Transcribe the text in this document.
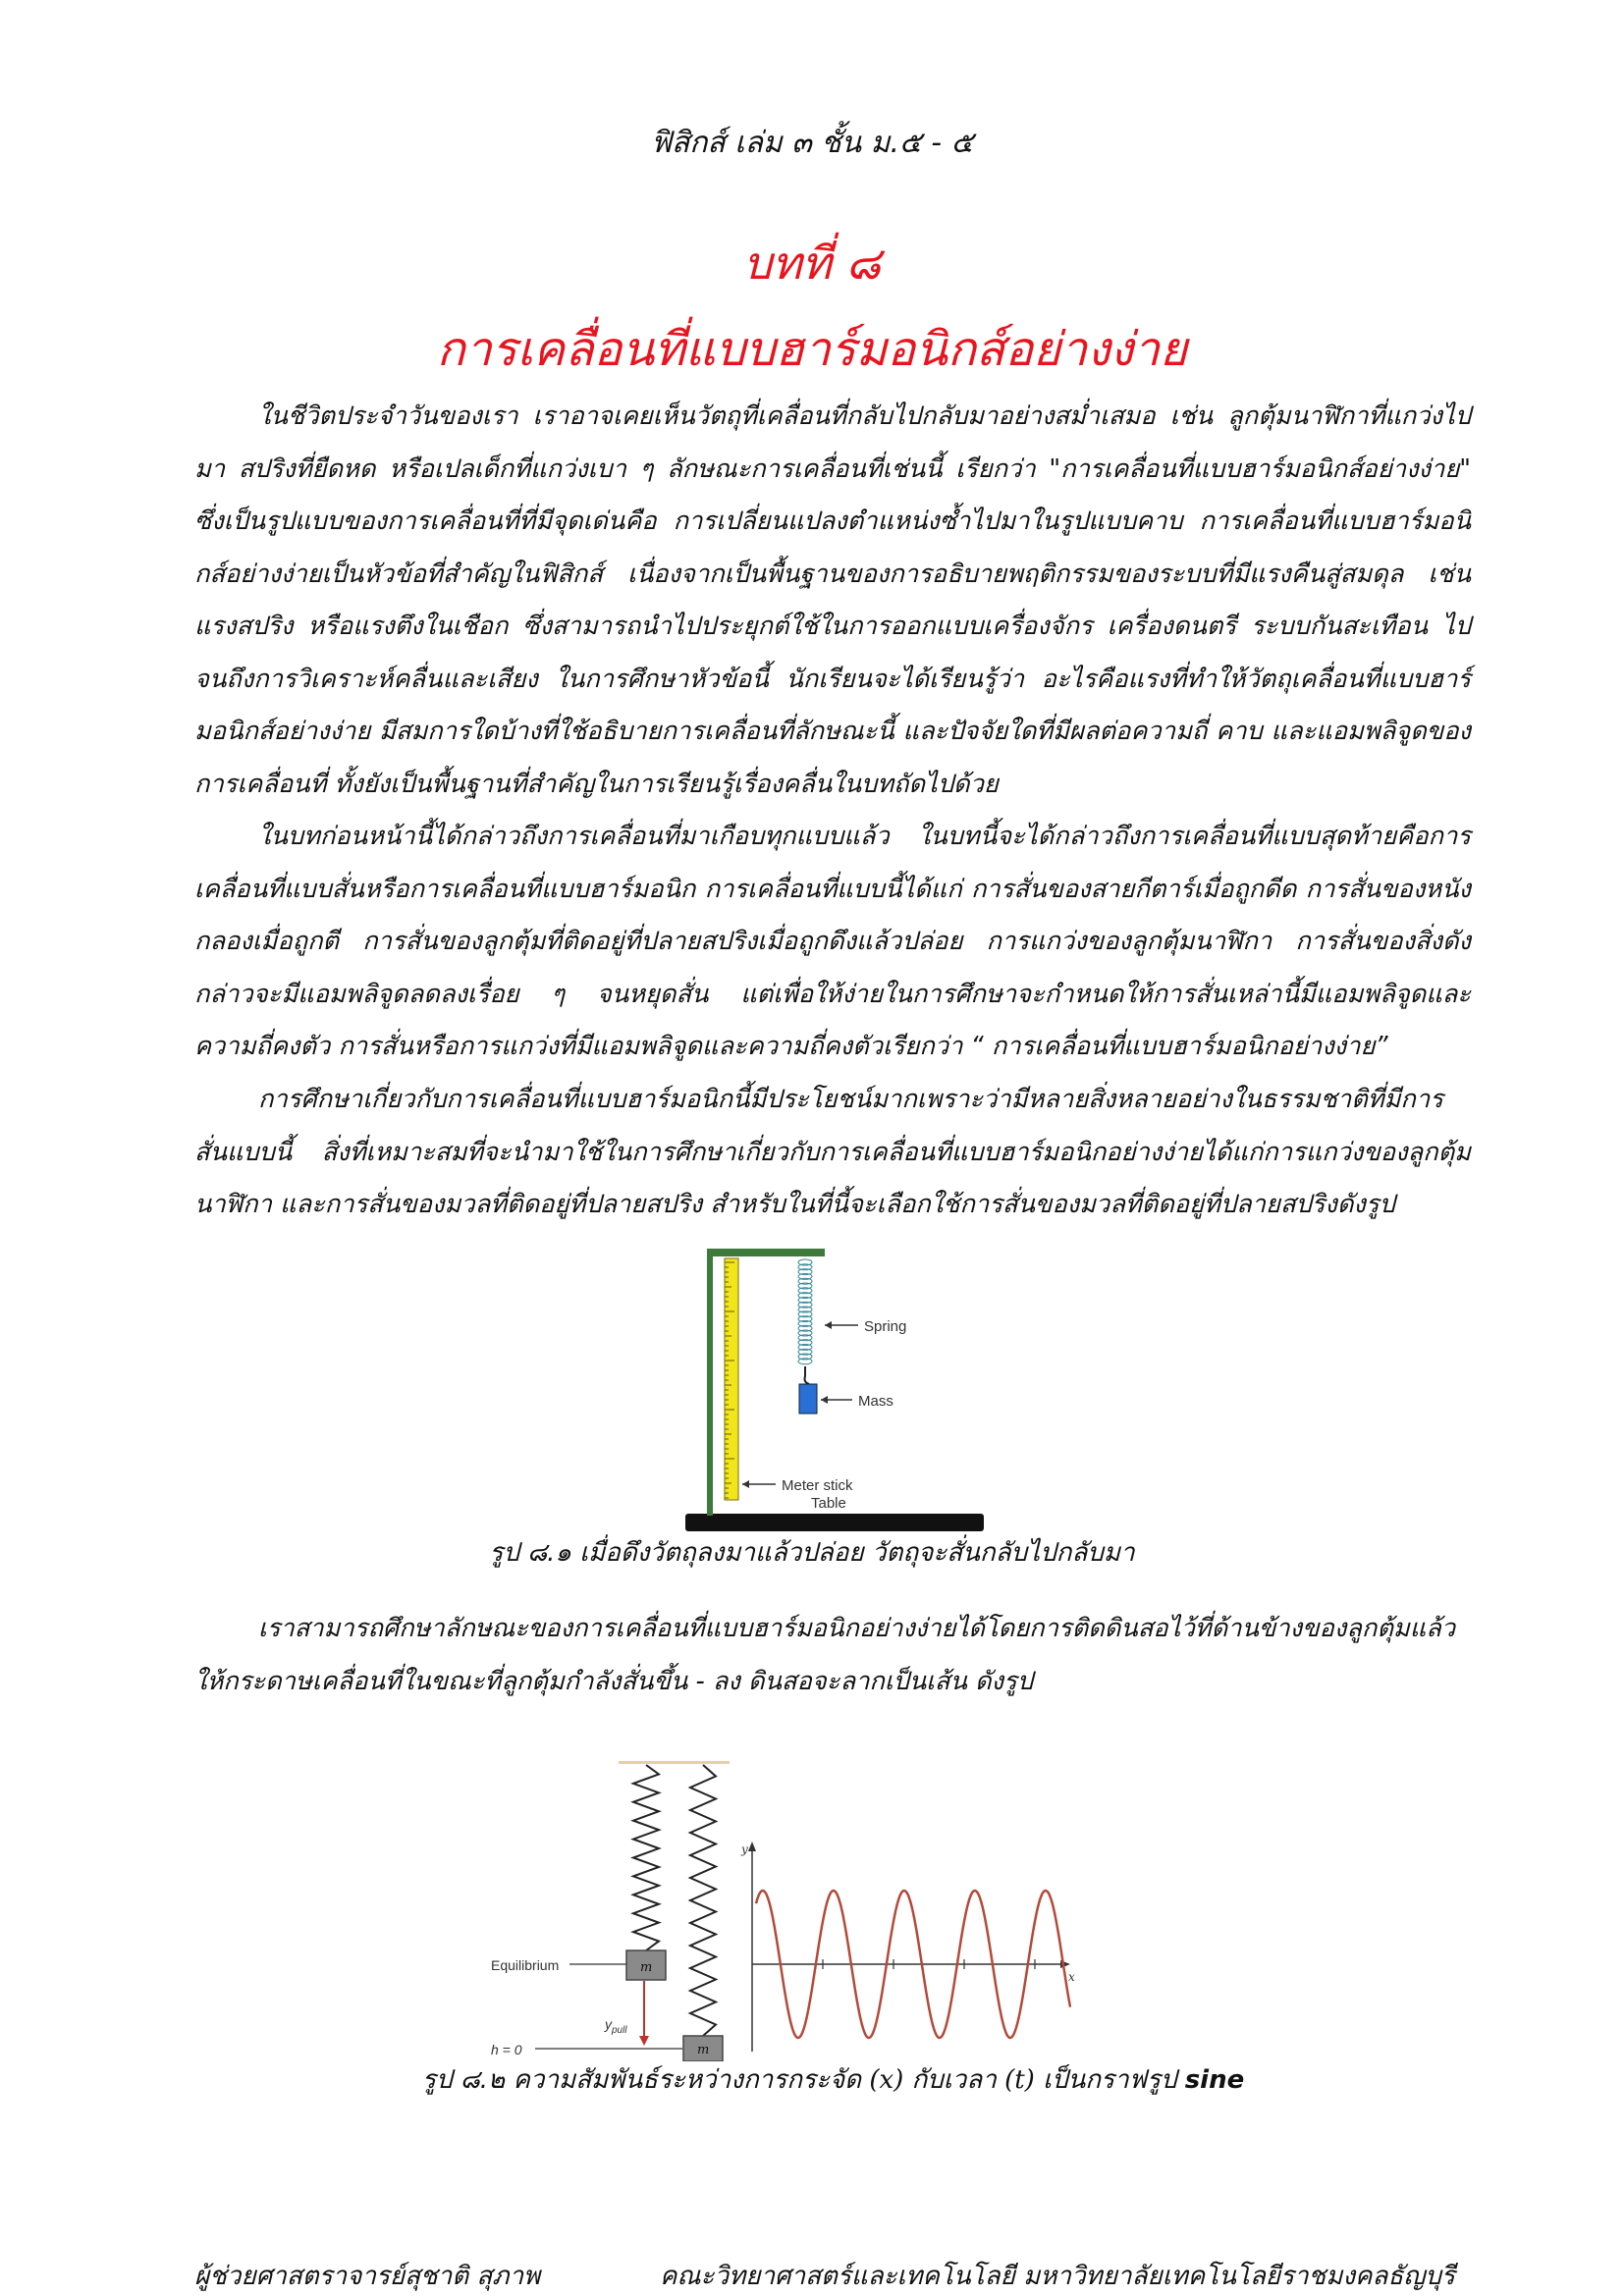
ฟิสิกส์ เล่ม ๓ ชั้น ม.๕ - ๕
บทที่ ๘
การเคลื่อนที่แบบฮาร์มอนิกส์อย่างง่าย

ในชีวิตประจำวันของเรา เราอาจเคยเห็นวัตถุที่เคลื่อนที่กลับไปกลับมาอย่างสม่ำเสมอ เช่น ลูกตุ้มนาฬิกาที่แกว่งไปมา สปริงที่ยืดหด หรือเปลเด็กที่แกว่งเบา ๆ ลักษณะการเคลื่อนที่เช่นนี้ เรียกว่า "การเคลื่อนที่แบบฮาร์มอนิกส์อย่างง่าย" ซึ่งเป็นรูปแบบของการเคลื่อนที่ที่มีจุดเด่นคือ การเปลี่ยนแปลงตำแหน่งซ้ำไปมาในรูปแบบคาบ การเคลื่อนที่แบบฮาร์มอนิกส์อย่างง่ายเป็นหัวข้อที่สำคัญในฟิสิกส์ เนื่องจากเป็นพื้นฐานของการอธิบายพฤติกรรมของระบบที่มีแรงคืนสู่สมดุล เช่น แรงสปริง หรือแรงตึงในเชือก ซึ่งสามารถนำไปประยุกต์ใช้ในการออกแบบเครื่องจักร เครื่องดนตรี ระบบกันสะเทือน ไปจนถึงการวิเคราะห์คลื่นและเสียง ในการศึกษาหัวข้อนี้ นักเรียนจะได้เรียนรู้ว่า อะไรคือแรงที่ทำให้วัตถุเคลื่อนที่แบบฮาร์มอนิกส์อย่างง่าย มีสมการใดบ้างที่ใช้อธิบายการเคลื่อนที่ลักษณะนี้ และปัจจัยใดที่มีผลต่อความถี่ คาบ และแอมพลิจูดของการเคลื่อนที่ ทั้งยังเป็นพื้นฐานที่สำคัญในการเรียนรู้เรื่องคลื่นในบทถัดไปด้วย

ในบทก่อนหน้านี้ได้กล่าวถึงการเคลื่อนที่มาเกือบทุกแบบแล้ว ในบทนี้จะได้กล่าวถึงการเคลื่อนที่แบบสุดท้ายคือการเคลื่อนที่แบบสั่นหรือการเคลื่อนที่แบบฮาร์มอนิก การเคลื่อนที่แบบนี้ได้แก่ การสั่นของสายกีตาร์เมื่อถูกดีด การสั่นของหนังกลองเมื่อถูกตี การสั่นของลูกตุ้มที่ติดอยู่ที่ปลายสปริงเมื่อถูกดึงแล้วปล่อย การแกว่งของลูกตุ้มนาฬิกา การสั่นของสิ่งดังกล่าวจะมีแอมพลิจูดลดลงเรื่อย ๆ จนหยุดสั่น แต่เพื่อให้ง่ายในการศึกษาจะกำหนดให้การสั่นเหล่านี้มีแอมพลิจูดและความถี่คงตัว การสั่นหรือการแกว่งที่มีแอมพลิจูดและความถี่คงตัวเรียกว่า “ การเคลื่อนที่แบบฮาร์มอนิกอย่างง่าย”

การศึกษาเกี่ยวกับการเคลื่อนที่แบบฮาร์มอนิกนี้มีประโยชน์มากเพราะว่ามีหลายสิ่งหลายอย่างในธรรมชาติที่มีการสั่นแบบนี้ สิ่งที่เหมาะสมที่จะนำมาใช้ในการศึกษาเกี่ยวกับการเคลื่อนที่แบบฮาร์มอนิกอย่างง่ายได้แก่การแกว่งของลูกตุ้มนาฬิกา และการสั่นของมวลที่ติดอยู่ที่ปลายสปริง สำหรับในที่นี้จะเลือกใช้การสั่นของมวลที่ติดอยู่ที่ปลายสปริงดังรูป

Spring
Mass
Meter stick
Table
รูป ๘.๑ เมื่อดึงวัตถุลงมาแล้วปล่อย วัตถุจะสั่นกลับไปกลับมา

เราสามารถศึกษาลักษณะของการเคลื่อนที่แบบฮาร์มอนิกอย่างง่ายได้โดยการติดดินสอไว้ที่ด้านข้างของลูกตุ้มแล้วให้กระดาษเคลื่อนที่ในขณะที่ลูกตุ้มกำลังสั่นขึ้น - ลง ดินสอจะลากเป็นเส้น ดังรูป

Equilibrium	m
m
h = 0
$y_{pull}$
y
x
รูป ๘.๒ ความสัมพันธ์ระหว่างการกระจัด (x) กับเวลา (t) เป็นกราฟรูป sine
ผู้ช่วยศาสตราจารย์สุชาติ สุภาพ	คณะวิทยาศาสตร์และเทคโนโลยี มหาวิทยาลัยเทคโนโลยีราชมงคลธัญบุรี
